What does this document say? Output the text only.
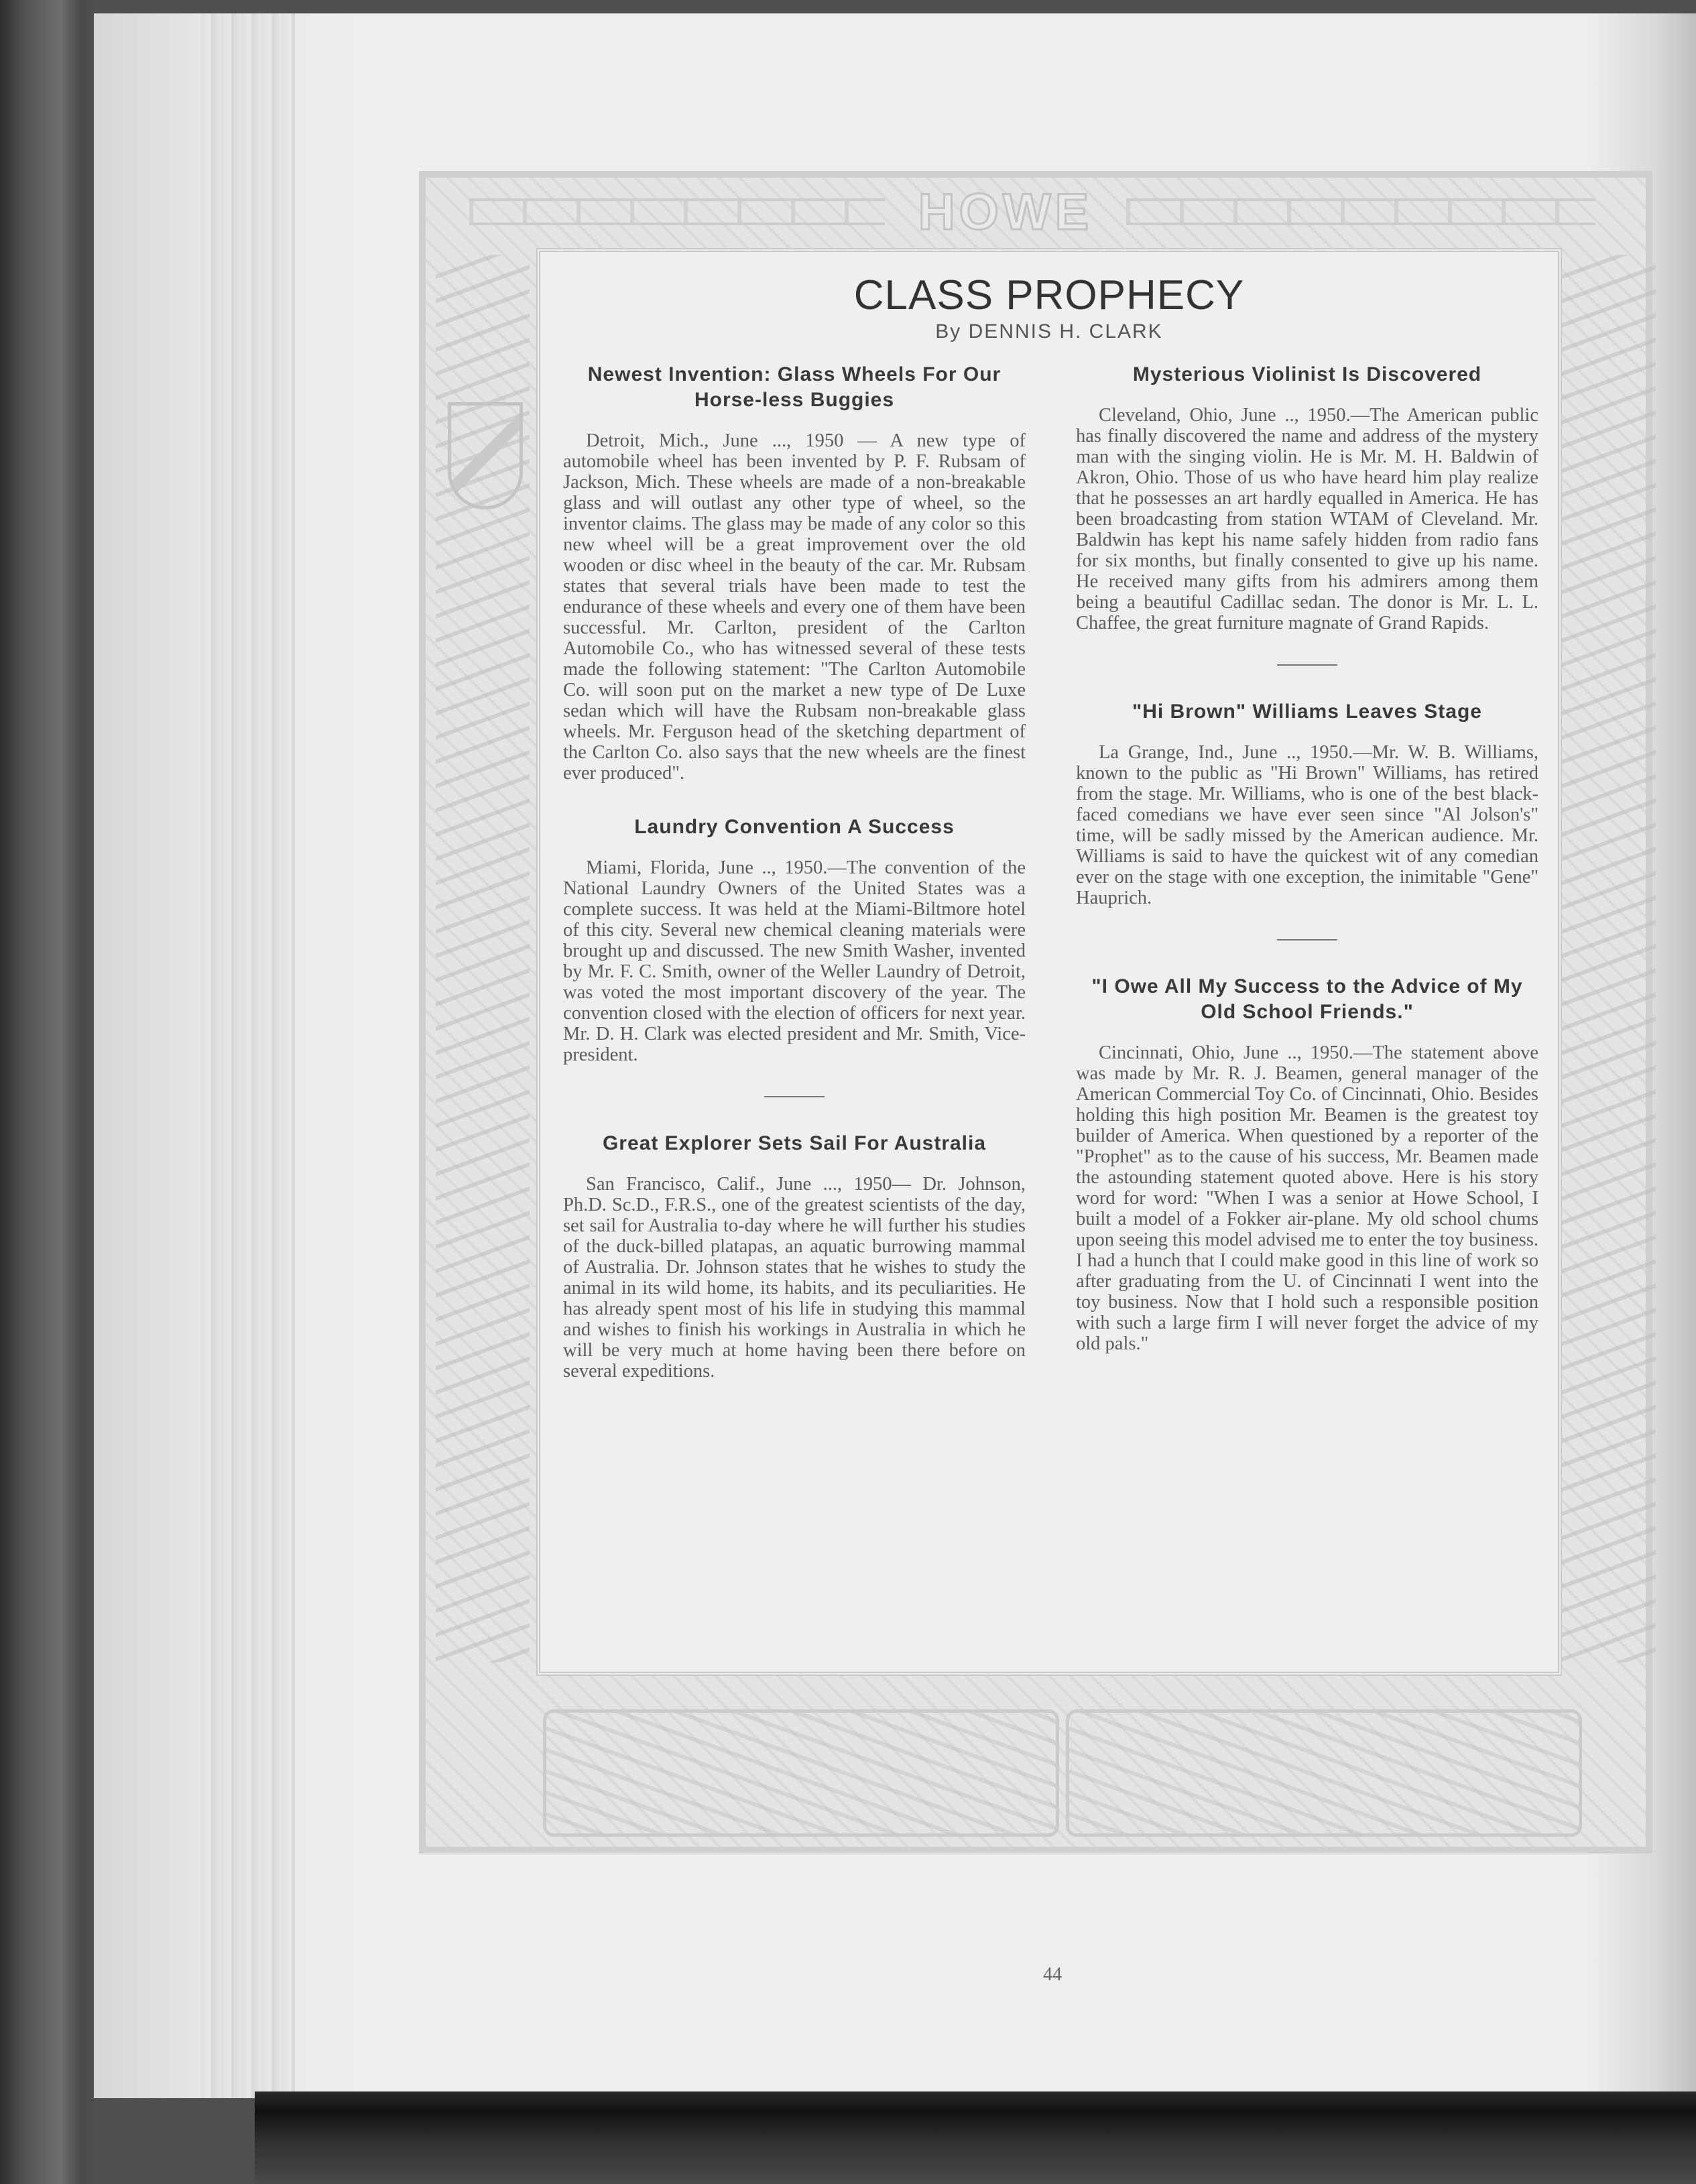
HOWE
CLASS PROPHECY
By DENNIS H. CLARK
Newest Invention: Glass Wheels For Our Horse-less Buggies

Detroit, Mich., June ..., 1950 — A new type of automobile wheel has been invented by P. F. Rubsam of Jackson, Mich. These wheels are made of a non-breakable glass and will outlast any other type of wheel, so the inventor claims. The glass may be made of any color so this new wheel will be a great improvement over the old wooden or disc wheel in the beauty of the car. Mr. Rubsam states that several trials have been made to test the endurance of these wheels and every one of them have been successful. Mr. Carlton, president of the Carlton Automobile Co., who has witnessed several of these tests made the following statement: "The Carlton Automobile Co. will soon put on the market a new type of De Luxe sedan which will have the Rubsam non-breakable glass wheels. Mr. Ferguson head of the sketching department of the Carlton Co. also says that the new wheels are the finest ever produced".

Laundry Convention A Success

Miami, Florida, June .., 1950.—The convention of the National Laundry Owners of the United States was a complete success. It was held at the Miami-Biltmore hotel of this city. Several new chemical cleaning materials were brought up and discussed. The new Smith Washer, invented by Mr. F. C. Smith, owner of the Weller Laundry of Detroit, was voted the most important discovery of the year. The convention closed with the election of officers for next year. Mr. D. H. Clark was elected president and Mr. Smith, Vice-president.

Great Explorer Sets Sail For Australia

San Francisco, Calif., June ..., 1950— Dr. Johnson, Ph.D. Sc.D., F.R.S., one of the greatest scientists of the day, set sail for Australia to-day where he will further his studies of the duck-billed platapas, an aquatic burrowing mammal of Australia. Dr. Johnson states that he wishes to study the animal in its wild home, its habits, and its peculiarities. He has already spent most of his life in studying this mammal and wishes to finish his workings in Australia in which he will be very much at home having been there before on several expeditions.

Mysterious Violinist Is Discovered

Cleveland, Ohio, June .., 1950.—The American public has finally discovered the name and address of the mystery man with the singing violin. He is Mr. M. H. Baldwin of Akron, Ohio. Those of us who have heard him play realize that he possesses an art hardly equalled in America. He has been broadcasting from station WTAM of Cleveland. Mr. Baldwin has kept his name safely hidden from radio fans for six months, but finally consented to give up his name. He received many gifts from his admirers among them being a beautiful Cadillac sedan. The donor is Mr. L. L. Chaffee, the great furniture magnate of Grand Rapids.

"Hi Brown" Williams Leaves Stage

La Grange, Ind., June .., 1950.—Mr. W. B. Williams, known to the public as "Hi Brown" Williams, has retired from the stage. Mr. Williams, who is one of the best black-faced comedians we have ever seen since "Al Jolson's" time, will be sadly missed by the American audience. Mr. Williams is said to have the quickest wit of any comedian ever on the stage with one exception, the inimitable "Gene" Hauprich.

"I Owe All My Success to the Advice of My Old School Friends."

Cincinnati, Ohio, June .., 1950.—The statement above was made by Mr. R. J. Beamen, general manager of the American Commercial Toy Co. of Cincinnati, Ohio. Besides holding this high position Mr. Beamen is the greatest toy builder of America. When questioned by a reporter of the "Prophet" as to the cause of his success, Mr. Beamen made the astounding statement quoted above. Here is his story word for word: "When I was a senior at Howe School, I built a model of a Fokker air-plane. My old school chums upon seeing this model advised me to enter the toy business. I had a hunch that I could make good in this line of work so after graduating from the U. of Cincinnati I went into the toy business. Now that I hold such a responsible position with such a large firm I will never forget the advice of my old pals."

44
